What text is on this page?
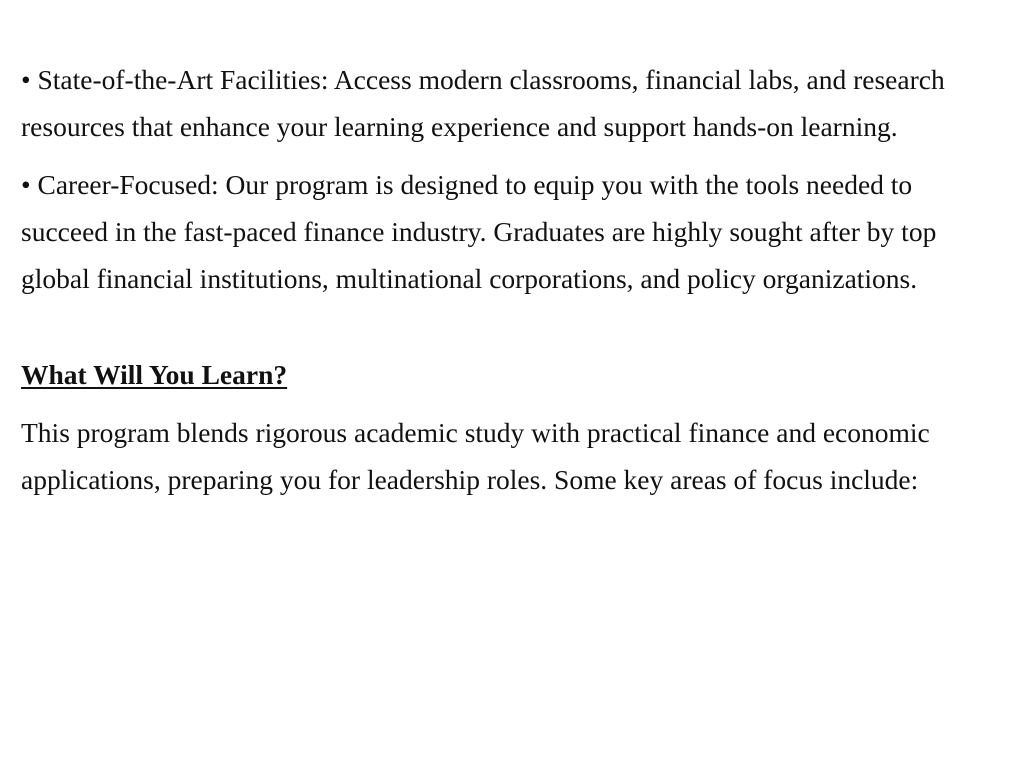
• State-of-the-Art Facilities: Access modern classrooms, financial labs, and research resources that enhance your learning experience and support hands-on learning.

• Career-Focused: Our program is designed to equip you with the tools needed to succeed in the fast-paced finance industry. Graduates are highly sought after by top global financial institutions, multinational corporations, and policy organizations.

What Will You Learn?

This program blends rigorous academic study with practical finance and economic applications, preparing you for leadership roles. Some key areas of focus include:
